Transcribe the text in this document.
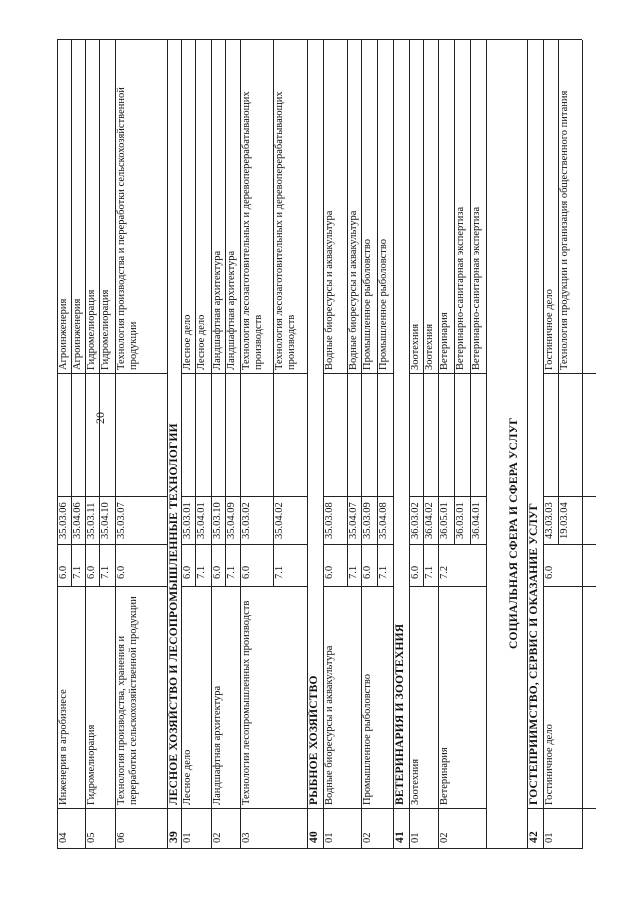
20
04
Инженерия в агробизнесе
6.0
35.03.06
Агроинженерия
7.1
35.04.06
Агроинженерия
05
Гидромелиорация
6.0
35.03.11
Гидромелиорация
7.1
35.04.10
Гидромелиорация
06
Технология производства, хранения и переработки сельскохозяйственной продукции
6.0
35.03.07
Технология производства и переработки сельскохозяйственной продукции
39
ЛЕСНОЕ ХОЗЯЙСТВО И ЛЕСОПРОМЫШЛЕННЫЕ ТЕХНОЛОГИИ
01
Лесное дело
6.0
35.03.01
Лесное дело
7.1
35.04.01
Лесное дело
02
Ландшафтная архитектура
6.0
35.03.10
Ландшафтная архитектура
7.1
35.04.09
Ландшафтная архитектура
03
Технологии лесопромышленных производств
6.0
35.03.02
Технология лесозаготовительных и деревоперерабатывающих производств
7.1
35.04.02
Технология лесозаготовительных и деревоперерабатывающих производств
40
РЫБНОЕ ХОЗЯЙСТВО
01
Водные биоресурсы и аквакультура
6.0
35.03.08
Водные биоресурсы и аквакультура
7.1
35.04.07
Водные биоресурсы и аквакультура
02
Промышленное рыболовство
6.0
35.03.09
Промышленное рыболовство
7.1
35.04.08
Промышленное рыболовство
41
ВЕТЕРИНАРИЯ И ЗООТЕХНИЯ
01
Зоотехния
6.0
36.03.02
Зоотехния
7.1
36.04.02
Зоотехния
02
Ветеринария
7.2
36.05.01
Ветеринария
36.03.01
Ветеринарно-санитарная экспертиза
36.04.01
Ветеринарно-санитарная экспертиза
СОЦИАЛЬНАЯ СФЕРА И СФЕРА УСЛУГ
42
ГОСТЕПРИИМСТВО, СЕРВИС И ОКАЗАНИЕ УСЛУГ
01
Гостиничное дело
6.0
43.03.03
Гостиничное дело
19.03.04
Технология продукции и организация общественного питания
